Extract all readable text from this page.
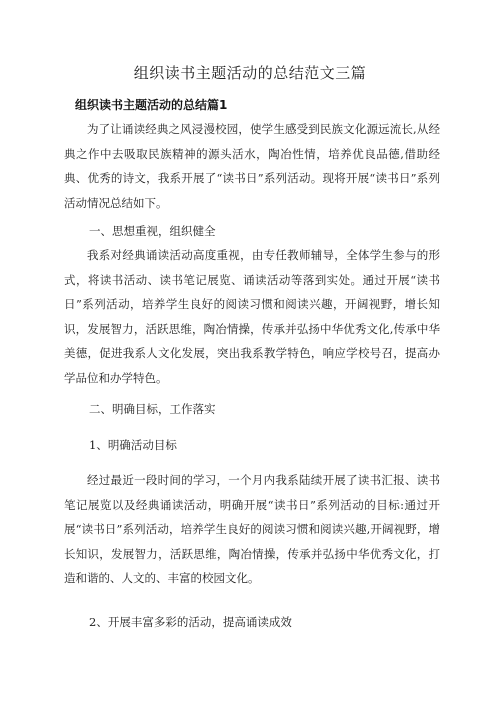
组织读书主题活动的总结范文三篇
组织读书主题活动的总结篇1

为了让诵读经典之风浸漫校园，使学生感受到民族文化源远流长,从经典之作中去吸取民族精神的源头活水，陶冶性情，培养优良品德,借助经典、优秀的诗文，我系开展了“读书日”系列活动。现将开展“读书日”系列活动情况总结如下。

一、思想重视，组织健全

我系对经典诵读活动高度重视，由专任教师辅导，全体学生参与的形式，将读书活动、读书笔记展览、诵读活动等落到实处。通过开展“读书日”系列活动，培养学生良好的阅读习惯和阅读兴趣，开阔视野，增长知识，发展智力，活跃思维，陶冶情操，传承并弘扬中华优秀文化,传承中华美德，促进我系人文化发展，突出我系教学特色，响应学校号召，提高办学品位和办学特色。

二、明确目标，工作落实
1、明确活动目标

经过最近一段时间的学习，一个月内我系陆续开展了读书汇报、读书笔记展览以及经典诵读活动，明确开展“读书日”系列活动的目标:通过开展“读书日”系列活动，培养学生良好的阅读习惯和阅读兴趣,开阔视野，增长知识，发展智力，活跃思维，陶冶情操，传承并弘扬中华优秀文化，打造和谐的、人文的、丰富的校园文化。

2、开展丰富多彩的活动，提高诵读成效
